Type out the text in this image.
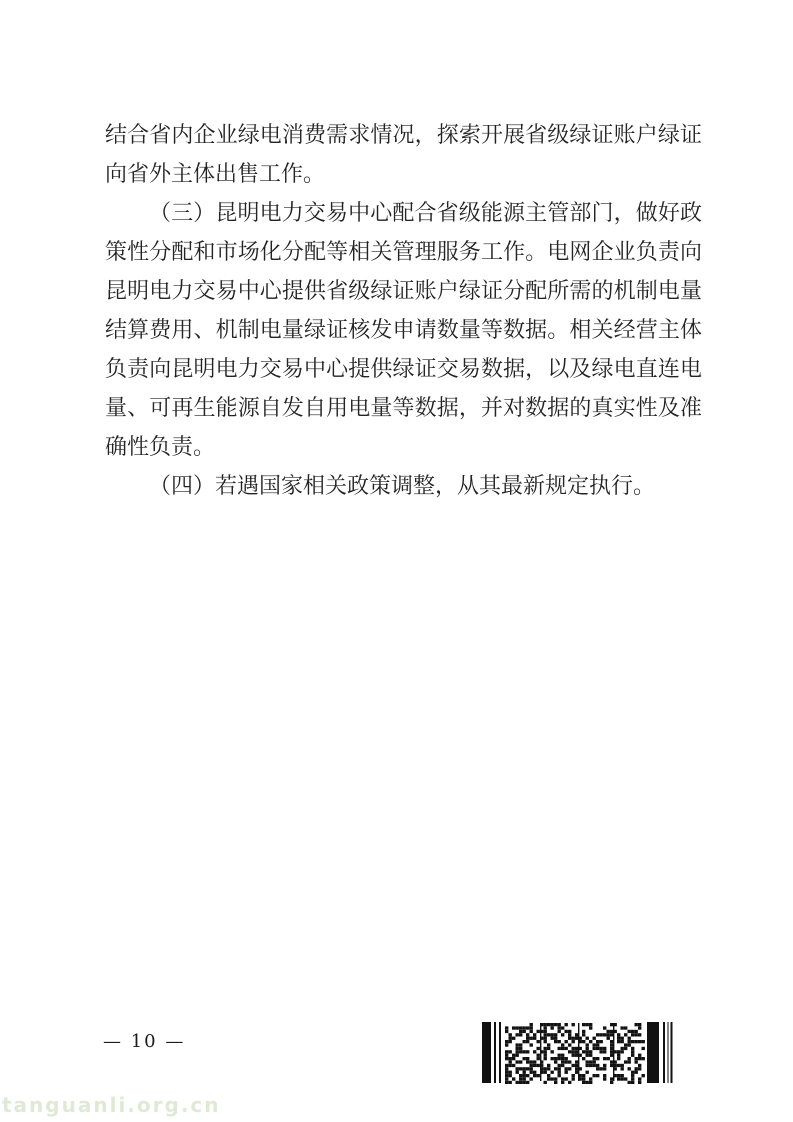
结合省内企业绿电消费需求情况，探索开展省级绿证账户绿证
向省外主体出售工作。
（三）昆明电力交易中心配合省级能源主管部门，做好政
策性分配和市场化分配等相关管理服务工作。电网企业负责向
昆明电力交易中心提供省级绿证账户绿证分配所需的机制电量
结算费用、机制电量绿证核发申请数量等数据。相关经营主体
负责向昆明电力交易中心提供绿证交易数据，以及绿电直连电
量、可再生能源自发自用电量等数据，并对数据的真实性及准
确性负责。
（四）若遇国家相关政策调整，从其最新规定执行。
— 10 —
tanguanli.org.cn
